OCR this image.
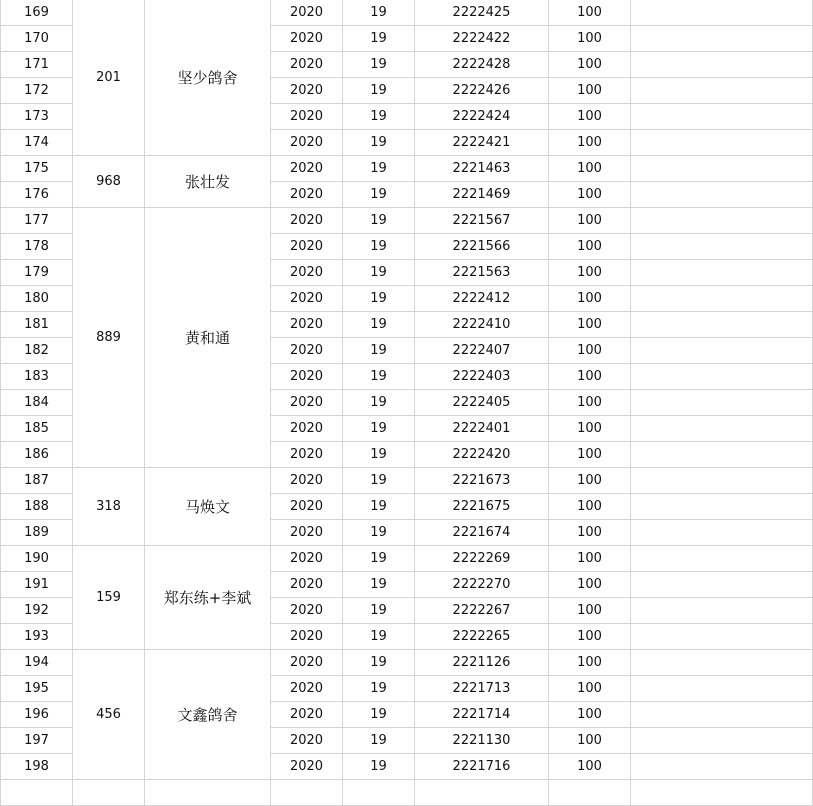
169	201	坚少鸽舍	2020	19	2222425	100	
170			2020	19	2222422	100	
171			2020	19	2222428	100	
172			2020	19	2222426	100	
173			2020	19	2222424	100	
174			2020	19	2222421	100	
175	968	张壮发	2020	19	2221463	100	
176			2020	19	2221469	100	
177	889	黄和通	2020	19	2221567	100	
178			2020	19	2221566	100	
179			2020	19	2221563	100	
180			2020	19	2222412	100	
181			2020	19	2222410	100	
182			2020	19	2222407	100	
183			2020	19	2222403	100	
184			2020	19	2222405	100	
185			2020	19	2222401	100	
186			2020	19	2222420	100	
187	318	马焕文	2020	19	2221673	100	
188			2020	19	2221675	100	
189			2020	19	2221674	100	
190	159	郑东练+李斌	2020	19	2222269	100	
191			2020	19	2222270	100	
192			2020	19	2222267	100	
193			2020	19	2222265	100	
194	456	文鑫鸽舍	2020	19	2221126	100	
195			2020	19	2221713	100	
196			2020	19	2221714	100	
197			2020	19	2221130	100	
198			2020	19	2221716	100	
